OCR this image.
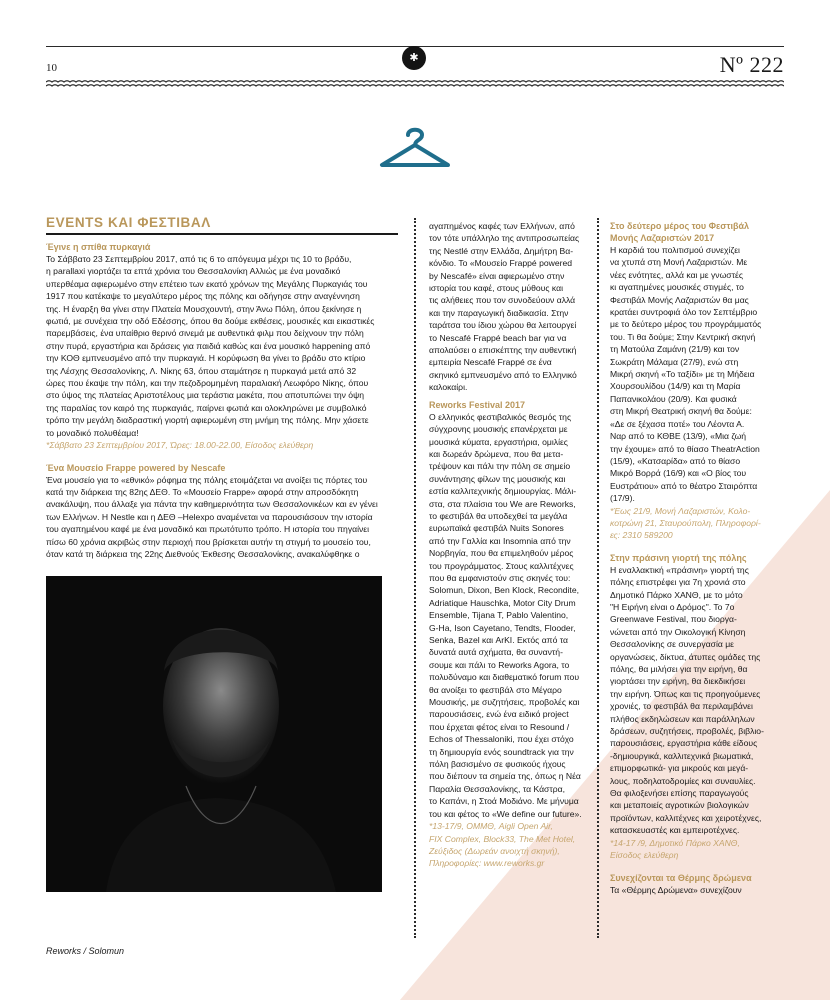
10
✱	Nº 222
EVENTS ΚΑΙ ΦΕΣΤΙΒΑΛ

Έγινε η σπίθα πυρκαγιά

Το Σάββατο 23 Σεπτεμβρίου 2017, από τις 6 το απόγευμα μέχρι τις 10 το βράδυ,

η parallaxi γιορτάζει τα επτά χρόνια του Θεσσαλονίκη Αλλιώς με ένα μοναδικό

υπερθέαμα αφιερωμένο στην επέτειο των εκατό χρόνων της Μεγάλης Πυρκαγιάς του

1917 που κατέκαψε το μεγαλύτερο μέρος της πόλης και οδήγησε στην αναγέννηση

της. Η έναρξη θα γίνει στην Πλατεία Μουσχουντή, στην Άνω Πόλη, όπου ξεκίνησε η

φωτιά, με συνέχεια την οδό Εδέσσης, όπου θα δούμε εκθέσεις, μουσικές και εικαστικές

παρεμβάσεις, ένα υπαίθριο θερινό σινεμά με αυθεντικά φιλμ που δείχνουν την πόλη

στην πυρά, εργαστήρια και δράσεις για παιδιά καθώς και ένα μουσικό happening από

την ΚΟΘ εμπνευσμένο από την πυρκαγιά. Η κορύφωση θα γίνει το βράδυ στο κτίριο

της Λέσχης Θεσσαλονίκης, Λ. Νίκης 63, όπου σταμάτησε η πυρκαγιά μετά από 32

ώρες που έκαψε την πόλη, και την πεζοδρομημένη παραλιακή Λεωφόρο Νίκης, όπου

στο ύψος της πλατείας Αριστοτέλους μια τεράστια μακέτα, που αποτυπώνει την όψη

της παραλίας τον καιρό της πυρκαγιάς, παίρνει φωτιά και ολοκληρώνει με συμβολικό

τρόπο την μεγάλη διαδραστική γιορτή αφιερωμένη στη μνήμη της πόλης. Μην χάσετε

το μοναδικό πολυθέαμα!

*Σάββατο 23 Σεπτεμβρίου 2017, Ώρες: 18.00-22.00, Είσοδος ελεύθερη

Ένα Μουσείο Frappe powered by Nescafe

Ένα μουσείο για το «εθνικό» ρόφημα της πόλης ετοιμάζεται να ανοίξει τις πόρτες του

κατά την διάρκεια της 82ης ΔΕΘ. Το «Μουσείο Frappe» αφορά στην απροσδόκητη

ανακάλυψη, που άλλαξε για πάντα την καθημερινότητα των Θεσσαλονικέων και εν γένει

των Ελλήνων. Η Nestle και η ΔΕΘ –Helexpo αναμένεται να παρουσιάσουν την ιστορία

του αγαπημένου καφέ με ένα μοναδικό και πρωτότυπο τρόπο. Η ιστορία του πηγαίνει

πίσω 60 χρόνια ακριβώς στην περιοχή που βρίσκεται αυτήν τη στιγμή το μουσείο του,

όταν κατά τη διάρκεια της 22ης Διεθνούς Έκθεσης Θεσσαλονίκης, ανακαλύφθηκε ο

Reworks / Solomun

αγαπημένος καφές των Ελλήνων, από

τον τότε υπάλληλο της αντιπροσωπείας

της Nestlé στην Ελλάδα, Δημήτρη Βα-

κόνδιο. Το «Μουσείο Frappé powered

by Nescafé» είναι αφιερωμένο στην

ιστορία του καφέ, στους μύθους και

τις αλήθειες που τον συνοδεύουν αλλά

και την παραγωγική διαδικασία. Στην

ταράτσα του ίδιου χώρου θα λειτουργεί

το Nescafé Frappé beach bar για να

απολαύσει ο επισκέπτης την αυθεντική

εμπειρία Nescafé Frappé σε ένα

σκηνικό εμπνευσμένο από το Ελληνικό

καλοκαίρι.

Reworks Festival 2017

Ο ελληνικός φεστιβαλικός θεσμός της

σύγχρονης μουσικής επανέρχεται με

μουσικά κύματα, εργαστήρια, ομιλίες

και δωρεάν δρώμενα, που θα μετα-

τρέψουν και πάλι την πόλη σε σημείο

συνάντησης φίλων της μουσικής και

εστία καλλιτεχνικής δημιουργίας. Μάλι-

στα, στα πλαίσια του We are Reworks,

το φεστιβάλ θα υποδεχθεί τα μεγάλα

ευρωπαϊκά φεστιβάλ Nuits Sonores

από την Γαλλία και Insomnia από την

Νορβηγία, που θα επιμεληθούν μέρος

του προγράμματος. Στους καλλιτέχνες

που θα εμφανιστούν στις σκηνές του:

Solomun, Dixon, Ben Klock, Recondite,

Adriatique Hauschka, Motor City Drum

Ensemble, Tijana T, Pablo Valentino,

G-Ha, Ison Cayetano, Tendts, Flooder,

Senka, Bazel και ArKI. Εκτός από τα

δυνατά αυτά σχήματα, θα συναντή-

σουμε και πάλι το Reworks Agora, το

πολυδύναμο και διαθεματικό forum που

θα ανοίξει το φεστιβάλ στο Μέγαρο

Μουσικής, με συζητήσεις, προβολές και

παρουσιάσεις, ενώ ένα ειδικό project

που έρχεται φέτος είναι το Resound /

Echos of Thessaloniki, που έχει στόχο

τη δημιουργία ενός soundtrack για την

πόλη βασισμένο σε φυσικούς ήχους

που διέπουν τα σημεία της, όπως η Νέα

Παραλία Θεσσαλονίκης, τα Κάστρα,

το Καπάνι, η Στοά Μοδιάνο. Με μήνυμα

του και φέτος το «We define our future».

*13-17/9, ΟΜΜΘ, Aigli Open Air,

FIX Complex, Block33, The Met Hotel,

Ζεύξιδος (Δωρεάν ανοιχτή σκηνή),

Πληροφορίες: www.reworks.gr

Στο δεύτερο μέρος του Φεστιβάλ

Μονής Λαζαριστών 2017

Η καρδιά του πολιτισμού συνεχίζει

να χτυπά στη Μονή Λαζαριστών. Με

νέες ενότητες, αλλά και με γνωστές

κι αγαπημένες μουσικές στιγμές, το

Φεστιβάλ Μονής Λαζαριστών θα μας

κρατάει συντροφιά όλο τον Σεπτέμβριο

με το δεύτερο μέρος του προγράμματός

του. Τι θα δούμε; Στην Κεντρική σκηνή

τη Ματούλα Ζαμάνη (21/9) και τον

Σωκράτη Μάλαμα (27/9), ενώ στη

Μικρή σκηνή «Το ταξίδι» με τη Μήδεια

Χουρσουλίδου (14/9) και τη Μαρία

Παπανικολάου (20/9). Και φυσικά

στη Μικρή Θεατρική σκηνή θα δούμε:

«Δε σε ξέχασα ποτέ» του Λέοντα Α.

Ναρ από το ΚΘΒΕ (13/9), «Μια ζωή

την έχουμε» από το θίασο TheatrAction

(15/9), «Κατσαρίδα» από το θίασο

Μικρό Βορρά (16/9) και «Ο βίος του

Ευστράτιου» από το θέατρο Σταιρόπτα

(17/9).

*Έως 21/9, Μονή Λαζαριστών, Κολο-

κοτρώνη 21, Σταυρούπολη, Πληροφορί-

ες: 2310 589200

Στην πράσινη γιορτή της πόλης

Η εναλλακτική «πράσινη» γιορτή της

πόλης επιστρέφει για 7η χρονιά στο

Δημοτικό Πάρκο ΧΑΝΘ, με το μότο

"Η Ειρήνη είναι ο Δρόμος". Το 7ο

Greenwave Festival, που διοργα-

νώνεται από την Οικολογική Κίνηση

Θεσσαλονίκης σε συνεργασία με

οργανώσεις, δίκτυα, άτυπες ομάδες της

πόλης, θα μιλήσει για την ειρήνη, θα

γιορτάσει την ειρήνη, θα διεκδικήσει

την ειρήνη. Όπως και τις προηγούμενες

χρονιές, το φεστιβάλ θα περιλαμβάνει

πλήθος εκδηλώσεων και παράλληλων

δράσεων, συζητήσεις, προβολές, βιβλιο-

παρουσιάσεις, εργαστήρια κάθε είδους

-δημιουργικά, καλλιτεχνικά βιωματικά,

επιμορφωτικά- για μικρούς και μεγά-

λους, ποδηλατοδρομίες και συναυλίες.

Θα φιλοξενήσει επίσης παραγωγούς

και μεταποιείς αγροτικών βιολογικών

προϊόντων, καλλιτέχνες και χειροτέχνες,

κατασκευαστές και εμπειροτέχνες.

*14-17 /9, Δημοτικό Πάρκο ΧΑΝΘ,

Είσοδος ελεύθερη

Συνεχίζονται τα Θέρμης δρώμενα

Τα «Θέρμης Δρώμενα» συνεχίζουν
